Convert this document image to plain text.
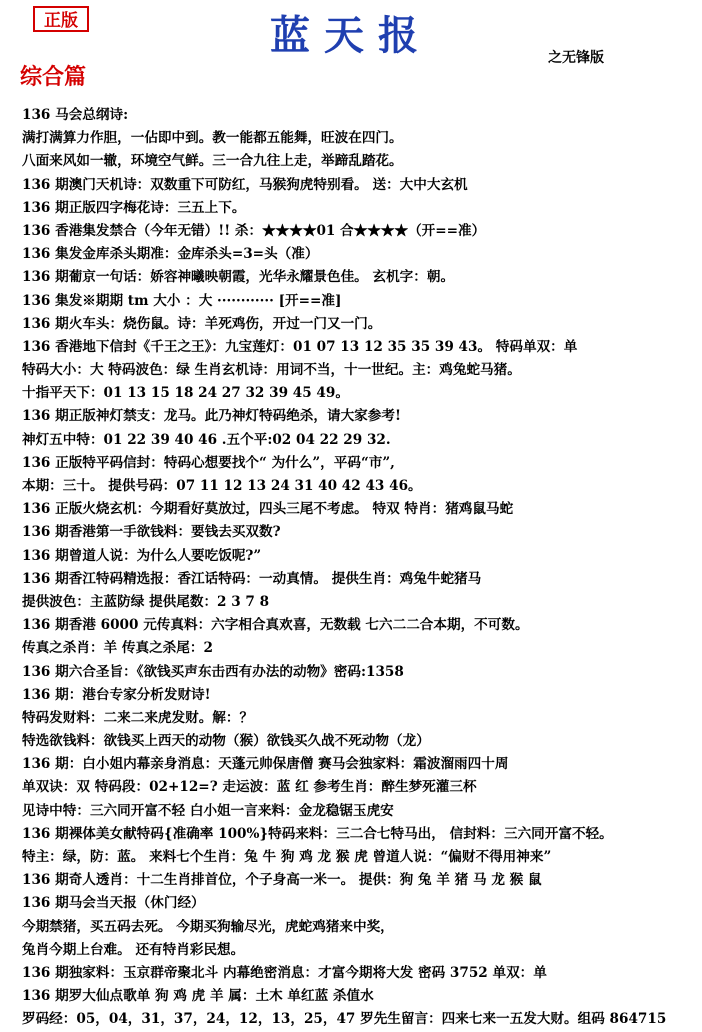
正版	蓝天报	之无锋版
综合篇
136 马会总纲诗:
满打满算力作胆，一佔即中到。教一能都五能舞，旺波在四门。
八面来风如一辙，环境空气鲜。三一合九往上走，举蹄乱踏花。
136 期澳门天机诗：双数重下可防红，马猴狗虎特别看。 送：大中大玄机
136 期正版四字梅花诗：三五上下。
136 香港集发禁合（今年无错）!! 杀：★★★★01 合★★★★（开==准）
136 集发金库杀头期准：金库杀头=3=头（准）
136 期葡京一句话：娇容神曦映朝霞，光华永耀景色佳。 玄机字：朝。
136 集发※期期 tm 大小 ：大 ············ [开==准]
136 期火车头：烧伤鼠。诗：羊死鸡伤，开过一门又一门。
136 香港地下信封《千王之王》：九宝莲灯：01 07 13 12 35 35 39 43。 特码单双：单
特码大小：大 特码波色：绿 生肖玄机诗：用词不当，十一世纪。主：鸡兔蛇马猪。
十指平天下：01 13 15 18 24 27 32 39 45 49。
136 期正版神灯禁支：龙马。此乃神灯特码绝杀，请大家参考!
神灯五中特：01 22 39 40 46 .五个平:02 04 22 29 32.
136 正版特平码信封：特码心想要找个“ 为什么”，平码“市”,
本期：三十。 提供号码：07 11 12 13 24 31 40 42 43 46。
136 正版火烧玄机：今期看好莫放过，四头三尾不考虑。 特双 特肖：猪鸡鼠马蛇
136 期香港第一手欲钱料：要钱去买双数?
136 期曾道人说：为什么人要吃饭呢?”
136 期香江特码精选报：香江话特码：一动真情。 提供生肖：鸡兔牛蛇猪马
提供波色：主蓝防绿 提供尾数：2 3 7 8
136 期香港 6000 元传真料：六字相合真欢喜，无数载 七六二二合本期，不可数。
传真之杀肖：羊 传真之杀尾：2
136 期六合圣旨：《欲钱买声东击西有办法的动物》密码:1358
136 期：港台专家分析发财诗!
特码发财料：二来二来虎发财。解：？
特选欲钱料：欲钱买上西天的动物（猴）欲钱买久战不死动物（龙）
136 期：白小姐内幕亲身消息：天蓬元帅保唐僧 赛马会独家料：霜波溜雨四十周
单双诀：双 特码段：02+12=? 走运波：蓝 红 参考生肖：醉生梦死灌三杯
见诗中特：三六同开富不轻 白小姐一言来料：金龙稳锯玉虎安
136 期裸体美女献特码{准确率 100%}特码来料：三二合七特马出， 信封料：三六同开富不轻。
特主：绿，防：蓝。 来料七个生肖：兔 牛 狗 鸡 龙 猴 虎 曾道人说：“偏财不得用神来”
136 期奇人透肖：十二生肖排首位，个子身高一米一。 提供：狗 兔 羊 猪 马 龙 猴 鼠
136 期马会当天报（休门经）
今期禁猪，买五码去死。 今期买狗输尽光，虎蛇鸡猪来中奖，
兔肖今期上台难。 还有特肖彩民想。
136 期独家料：玉京群帝聚北斗 内幕绝密消息：才富今期将大发 密码 3752 单双：单
136 期罗大仙点歌单 狗 鸡 虎 羊 属：土木 单红蓝 杀值水
罗码经：05，04，31，37，24，12，13，25，47 罗先生留言：四来七来一五发大财。组码 864715
